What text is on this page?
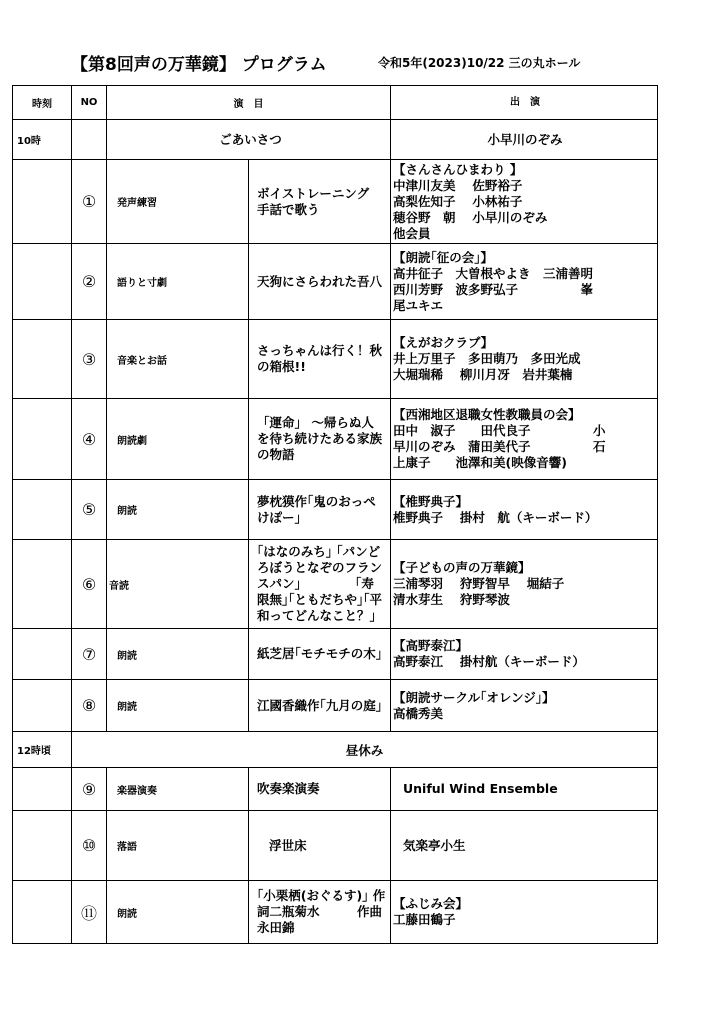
【第8回声の万華鏡】 プログラム	令和5年(2023)10/22 三の丸ホール
時刻	NO	演　目		出　演
10時		ごあいさつ		小早川のぞみ
	①	発声練習	ボイストレーニング　　手話で歌う	【さんさんひまわり 】
中津川友美　 佐野裕子
高梨佐知子　 小林祐子
穂谷野　朝　 小早川のぞみ
他会員

	②	語りと寸劇	天狗にさらわれた吾八	【朗読｢征の会｣】
高井征子　大曽根やよき　三浦善明
西川芳野　波多野弘子　　　　　峯
尾ユキエ

	③	音楽とお話	さっちゃんは行く！秋の箱根!!	【えがおクラブ】
井上万里子　多田萌乃　多田光成
大堀瑞稀　 柳川月冴　岩井葉楠

	④	朗読劇	「運命」 ～帰らぬ人を待ち続けたある家族の物語	【西湘地区退職女性教職員の会】
田中　淑子　　田代良子　　　　　小
早川のぞみ　蒲田美代子　　　　　石
上康子　　池澤和美(映像音響)

	⑤	朗読	夢枕獏作｢鬼のおっぺけぽー｣	【椎野典子】
椎野典子　 掛村　航（キーボード）

	⑥	音読	｢はなのみち｣ ｢パンどろぼうとなぞのフランスパン｣ 　　　　｢寿限無｣｢ともだちや｣｢平和ってどんなこと？｣	【子どもの声の万華鏡】
三浦琴羽　 狩野智早　 堀結子
清水芽生　 狩野琴波

	⑦	朗読	紙芝居｢モチモチの木｣	【高野泰江】
高野泰江　 掛村航（キーボード）

	⑧	朗読	江國香織作｢九月の庭｣	【朗読サークル｢オレンジ｣】
高橋秀美

12時頃	昼休み			

	⑨	楽器演奏	吹奏楽演奏	Uniful Wind Ensemble

	⑩	落語	浮世床	気楽亭小生

	⑪	朗読	｢小栗栖(おぐるす)｣ 作詞二瓶菊水　　　作曲永田錦	【ふじみ会】
工藤田鶴子
